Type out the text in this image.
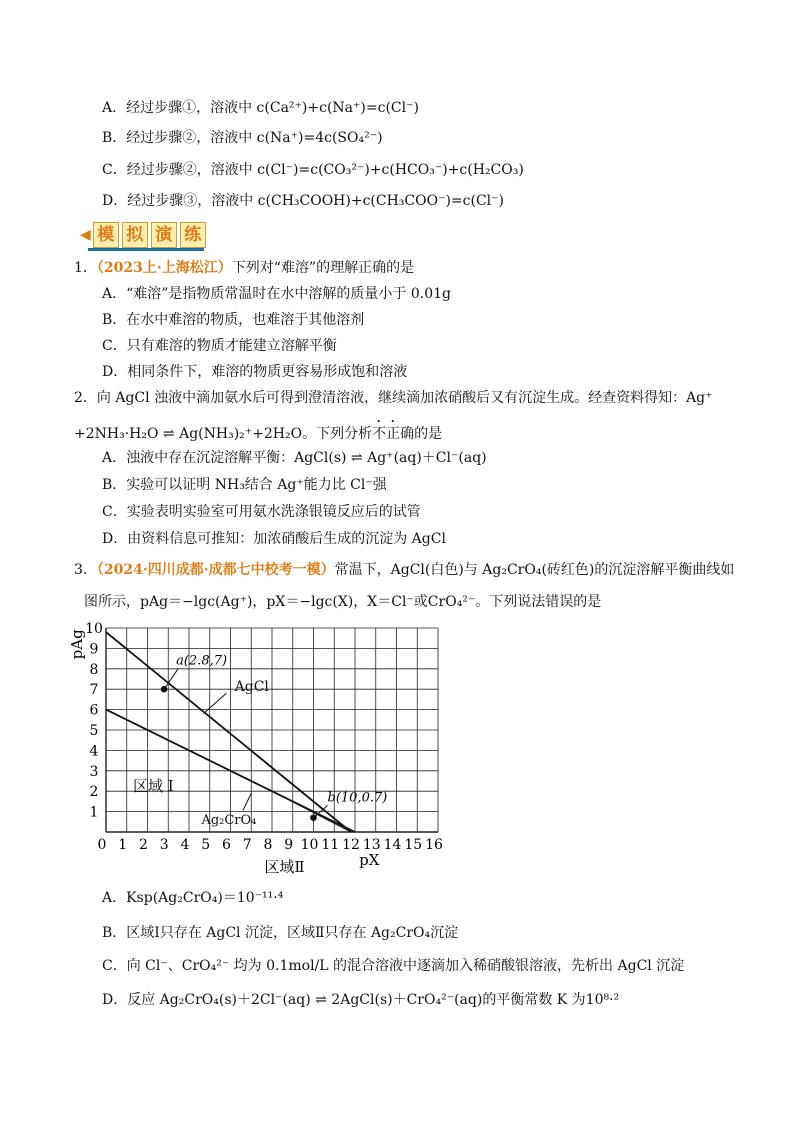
A．经过步骤①，溶液中 c(Ca²⁺)+c(Na⁺)=c(Cl⁻)
B．经过步骤②，溶液中 c(Na⁺)=4c(SO₄²⁻)
C．经过步骤②，溶液中 c(Cl⁻)=c(CO₃²⁻)+c(HCO₃⁻)+c(H₂CO₃)
D．经过步骤③，溶液中 c(CH₃COOH)+c(CH₃COO⁻)=c(Cl⁻)
◀ 模 拟 演 练
1．（2023上·上海松江）下列对“难溶”的理解正确的是
A．“难溶”是指物质常温时在水中溶解的质量小于 0.01g
B．在水中难溶的物质，也难溶于其他溶剂
C．只有难溶的物质才能建立溶解平衡
D．相同条件下，难溶的物质更容易形成饱和溶液
2．向 AgCl 浊液中滴加氨水后可得到澄清溶液，继续滴加浓硝酸后又有沉淀生成。经查资料得知：Ag⁺
+2NH₃·H₂O ⇌ Ag(NH₃)₂⁺+2H₂O。下列分析不正确的是
A．浊液中存在沉淀溶解平衡：AgCl(s) ⇌ Ag⁺(aq)＋Cl⁻(aq)
B．实验可以证明 NH₃结合 Ag⁺能力比 Cl⁻强
C．实验表明实验室可用氨水洗涤银镜反应后的试管
D．由资料信息可推知：加浓硝酸后生成的沉淀为 AgCl
3．（2024·四川成都·成都七中校考一模）常温下，AgCl(白色)与 Ag₂CrO₄(砖红色)的沉淀溶解平衡曲线如
图所示，pAg＝−lgc(Ag⁺)，pX＝−lgc(X)，X＝Cl⁻或CrO₄²⁻。下列说法错误的是
a(2.8,7)
b(10,0.7)
AgCl
Ag₂CrO₄
区域 Ⅰ
0 1 2 3 4 5 6 7 8 9 10 11 12 13 14 15 16
1
2
3
4
5
6
7
8
9
10
pX
pAg
区域Ⅱ
A．Ksp(Ag₂CrO₄)＝10⁻¹¹·⁴
B．区域Ⅰ只存在 AgCl 沉淀，区域Ⅱ只存在 Ag₂CrO₄沉淀
C．向 Cl⁻、CrO₄²⁻ 均为 0.1mol/L 的混合溶液中逐滴加入稀硝酸银溶液，先析出 AgCl 沉淀
D．反应 Ag₂CrO₄(s)＋2Cl⁻(aq) ⇌ 2AgCl(s)＋CrO₄²⁻(aq)的平衡常数 K 为10⁸·²
